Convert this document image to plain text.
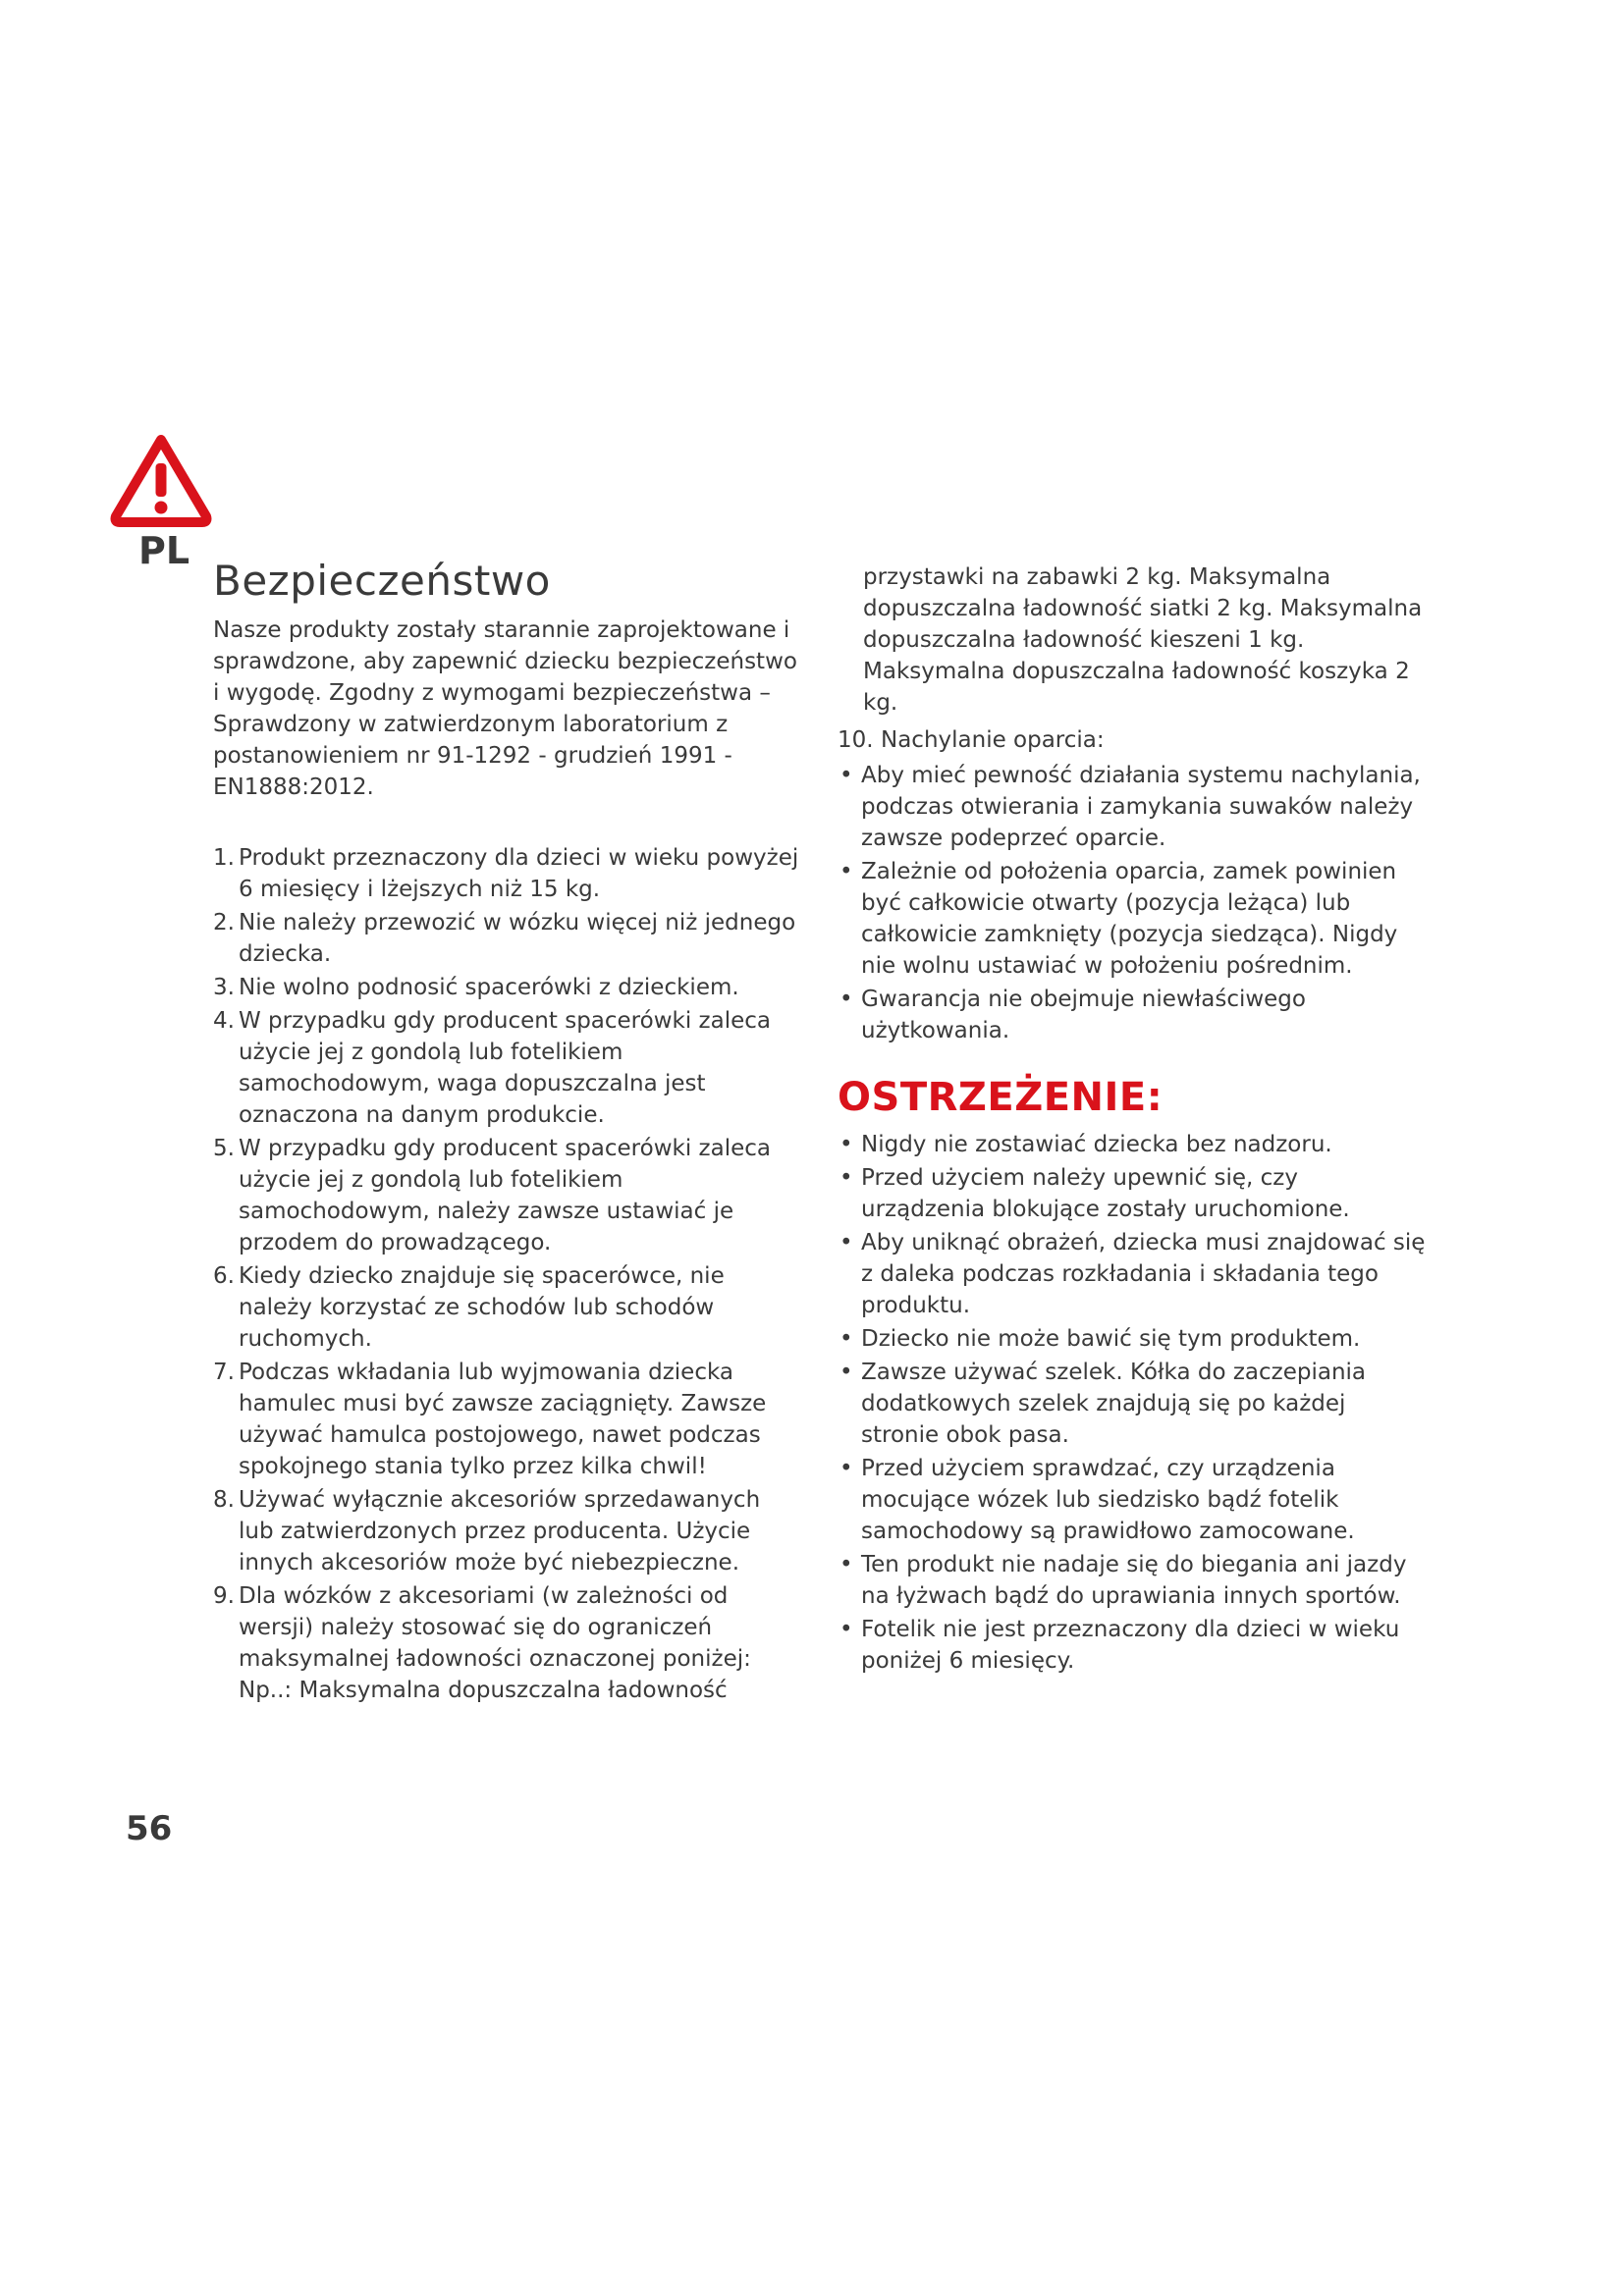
PL
Bezpieczeństwo

Nasze produkty zostały starannie zaprojektowane i sprawdzone, aby zapewnić dziecku bezpieczeństwo i wygodę. Zgodny z wymogami bezpieczeństwa – Sprawdzony w zatwierdzonym laboratorium z postanowieniem nr 91-1292 - grudzień 1991 - EN1888:2012.

1. Produkt przeznaczony dla dzieci w wieku powyżej 6 miesięcy i lżejszych niż 15 kg.
2. Nie należy przewozić w wózku więcej niż jednego dziecka.
3. Nie wolno podnosić spacerówki z dzieckiem.
4. W przypadku gdy producent spacerówki zaleca użycie jej z gondolą lub fotelikiem samochodowym, waga dopuszczalna jest oznaczona na danym produkcie.
5. W przypadku gdy producent spacerówki zaleca użycie jej z gondolą lub fotelikiem samochodowym, należy zawsze ustawiać je przodem do prowadzącego.
6. Kiedy dziecko znajduje się spacerówce, nie należy korzystać ze schodów lub schodów ruchomych.
7. Podczas wkładania lub wyjmowania dziecka hamulec musi być zawsze zaciągnięty. Zawsze używać hamulca postojowego, nawet podczas spokojnego stania tylko przez kilka chwil!
8. Używać wyłącznie akcesoriów sprzedawanych lub zatwierdzonych przez producenta. Użycie innych akcesoriów może być niebezpieczne.
9. Dla wózków z akcesoriami (w zależności od wersji) należy stosować się do ograniczeń maksymalnej ładowności oznaczonej poniżej: Np..: Maksymalna dopuszczalna ładowność

przystawki na zabawki 2 kg. Maksymalna dopuszczalna ładowność siatki 2 kg. Maksymalna dopuszczalna ładowność kieszeni 1 kg. Maksymalna dopuszczalna ładowność koszyka 2 kg.

10. Nachylanie oparcia:
• Aby mieć pewność działania systemu nachylania, podczas otwierania i zamykania suwaków należy zawsze podeprzeć oparcie.
• Zależnie od położenia oparcia, zamek powinien być całkowicie otwarty (pozycja leżąca) lub całkowicie zamknięty (pozycja siedząca). Nigdy nie wolnu ustawiać w położeniu pośrednim.
• Gwarancja nie obejmuje niewłaściwego użytkowania.
OSTRZEŻENIE:
• Nigdy nie zostawiać dziecka bez nadzoru.
• Przed użyciem należy upewnić się, czy urządzenia blokujące zostały uruchomione.
• Aby uniknąć obrażeń, dziecka musi znajdować się z daleka podczas rozkładania i składania tego produktu.
• Dziecko nie może bawić się tym produktem.
• Zawsze używać szelek. Kółka do zaczepiania dodatkowych szelek znajdują się po każdej stronie obok pasa.
• Przed użyciem sprawdzać, czy urządzenia mocujące wózek lub siedzisko bądź fotelik samochodowy są prawidłowo zamocowane.
• Ten produkt nie nadaje się do biegania ani jazdy na łyżwach bądź do uprawiania innych sportów.
• Fotelik nie jest przeznaczony dla dzieci w wieku poniżej 6 miesięcy.
56
